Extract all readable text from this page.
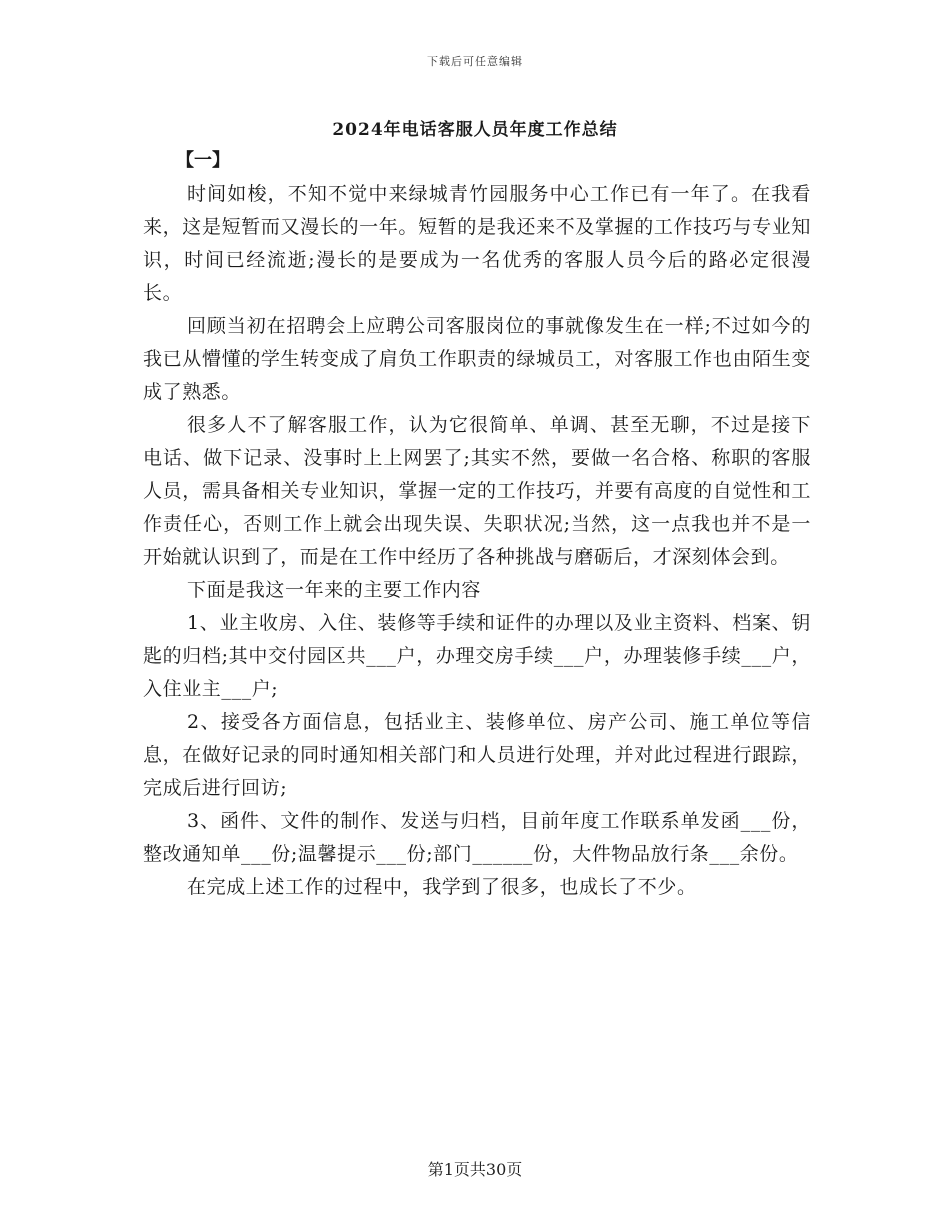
下载后可任意编辑
2024年电话客服人员年度工作总结
【一】

时间如梭，不知不觉中来绿城青竹园服务中心工作已有一年了。在我看来，这是短暂而又漫长的一年。短暂的是我还来不及掌握的工作技巧与专业知识，时间已经流逝;漫长的是要成为一名优秀的客服人员今后的路必定很漫长。

回顾当初在招聘会上应聘公司客服岗位的事就像发生在一样;不过如今的我已从懵懂的学生转变成了肩负工作职责的绿城员工，对客服工作也由陌生变成了熟悉。

很多人不了解客服工作，认为它很简单、单调、甚至无聊，不过是接下电话、做下记录、没事时上上网罢了;其实不然，要做一名合格、称职的客服人员，需具备相关专业知识，掌握一定的工作技巧，并要有高度的自觉性和工作责任心，否则工作上就会出现失误、失职状况;当然，这一点我也并不是一开始就认识到了，而是在工作中经历了各种挑战与磨砺后，才深刻体会到。

下面是我这一年来的主要工作内容

1、业主收房、入住、装修等手续和证件的办理以及业主资料、档案、钥匙的归档;其中交付园区共___户，办理交房手续___户，办理装修手续___户，入住业主___户;

2、接受各方面信息，包括业主、装修单位、房产公司、施工单位等信息，在做好记录的同时通知相关部门和人员进行处理，并对此过程进行跟踪，完成后进行回访;

3、函件、文件的制作、发送与归档，目前年度工作联系单发函___份，整改通知单___份;温馨提示___份;部门______份，大件物品放行条___余份。

在完成上述工作的过程中，我学到了很多，也成长了不少。

第1页共30页
